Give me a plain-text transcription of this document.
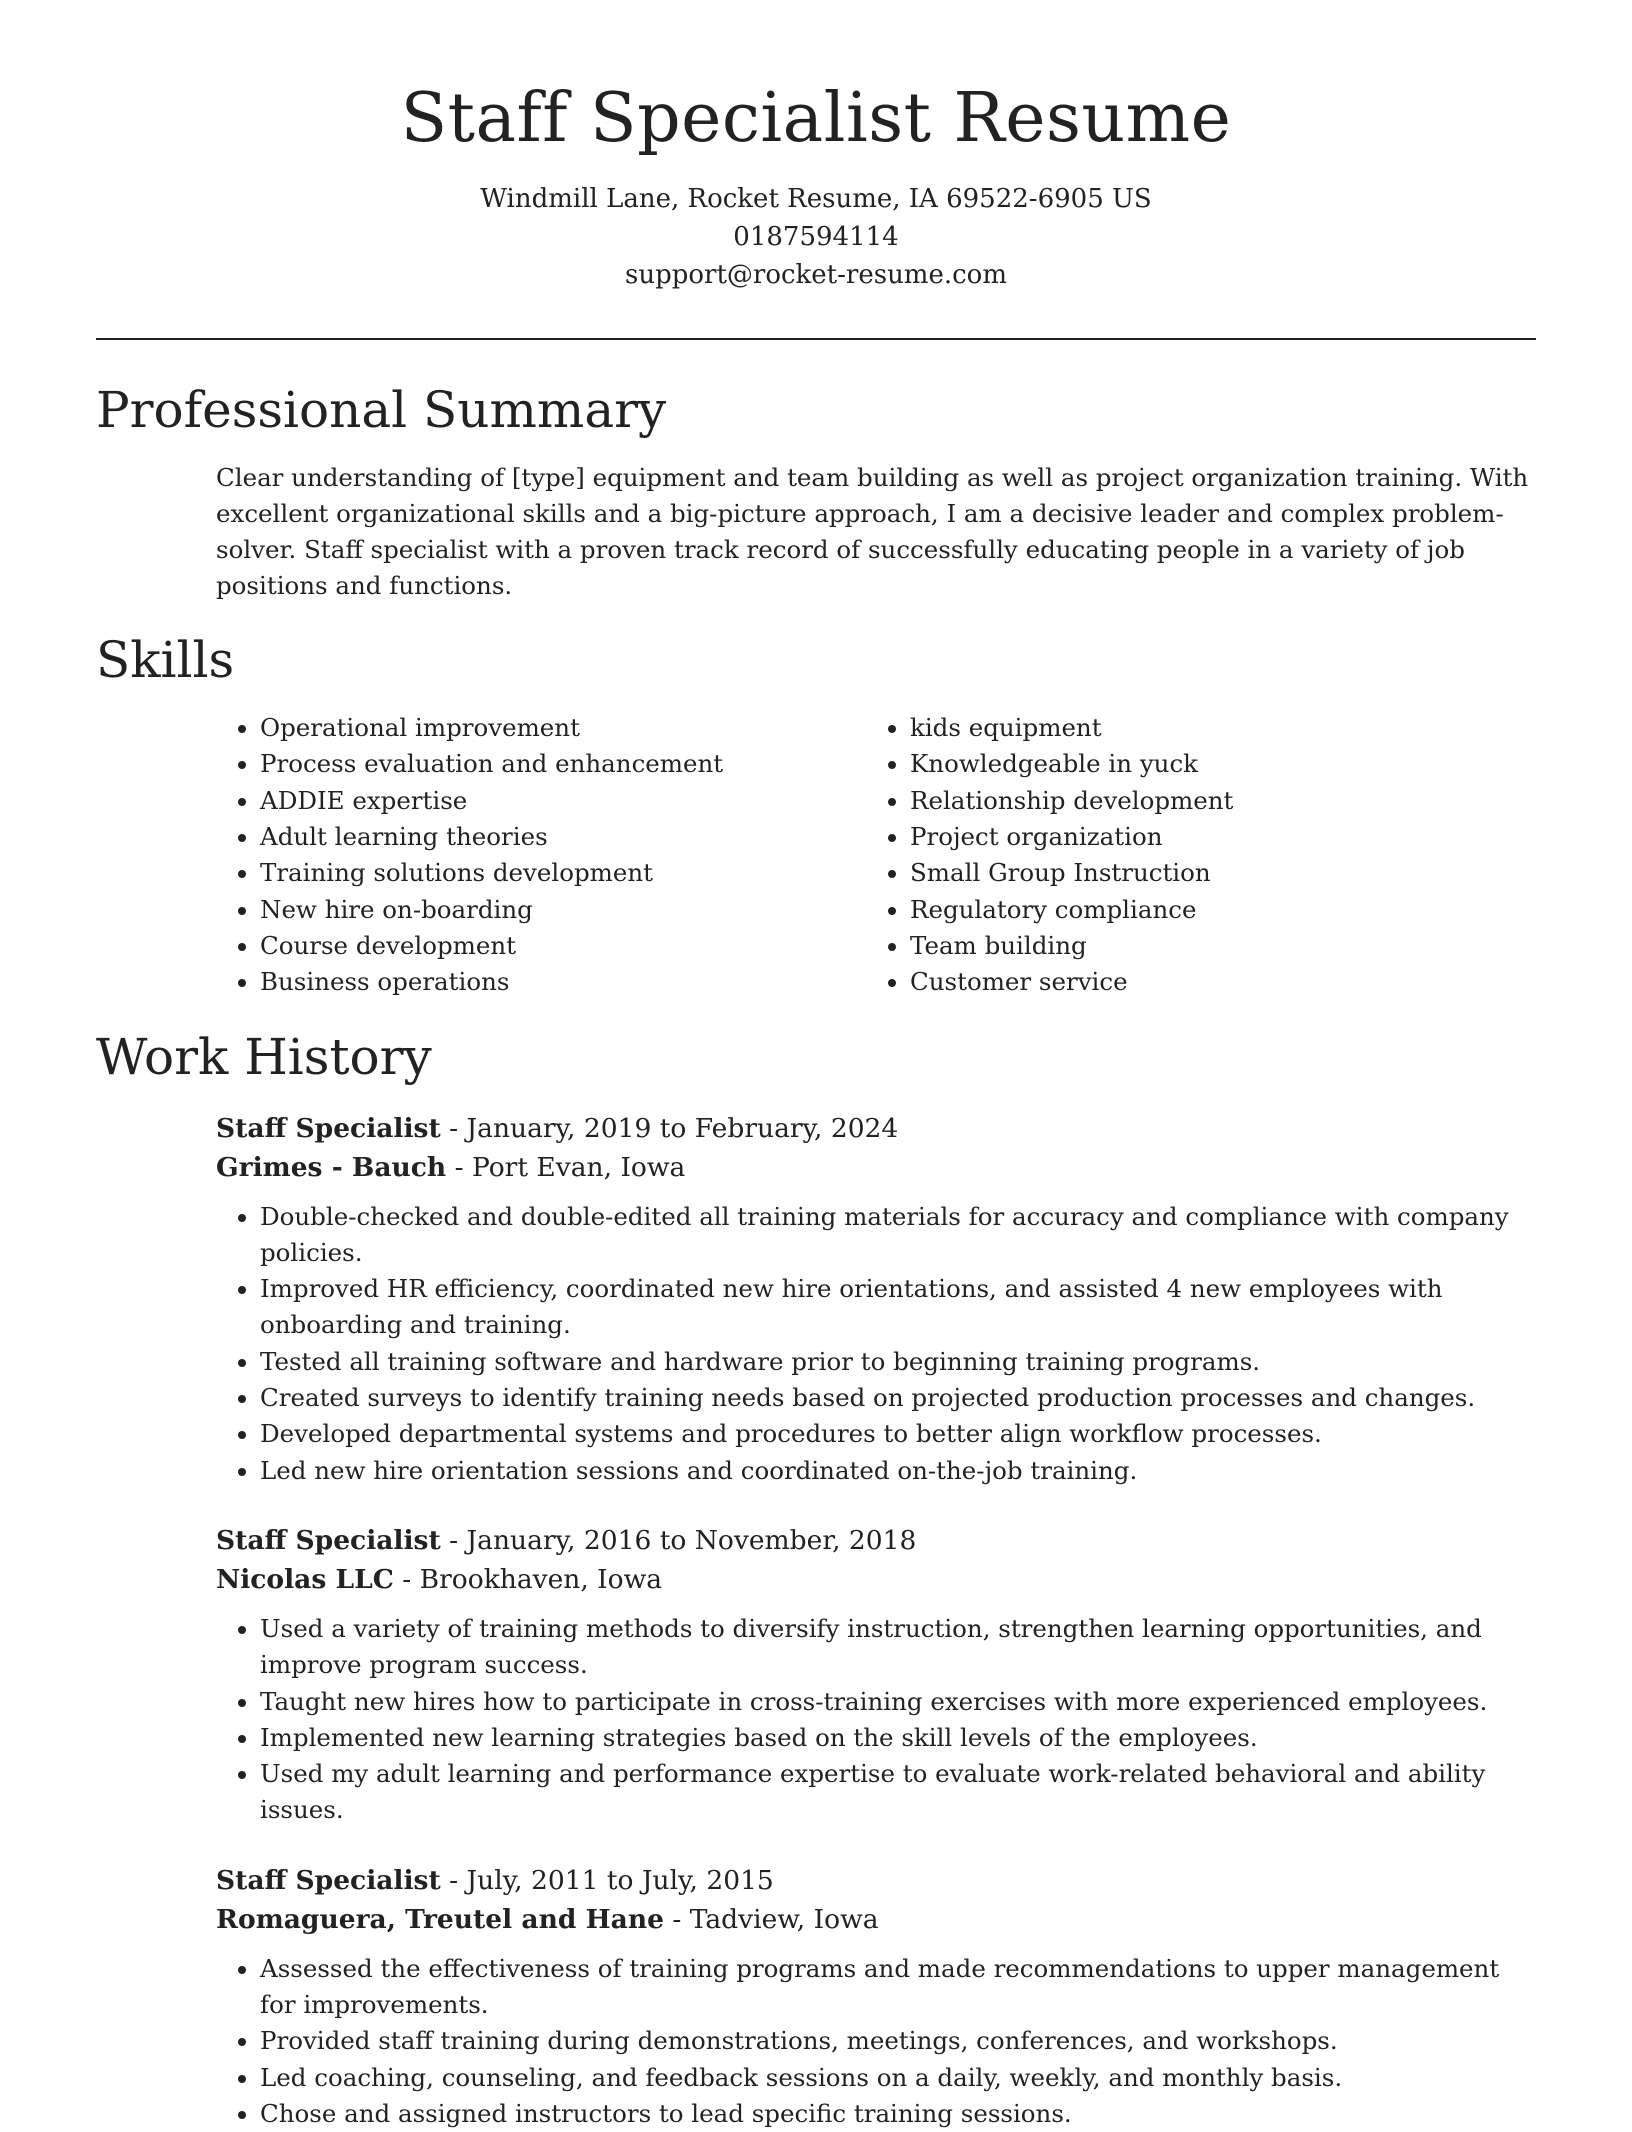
Staff Specialist Resume
Windmill Lane, Rocket Resume, IA 69522-6905 US
0187594114
support@rocket-resume.com
Professional Summary

Clear understanding of [type] equipment and team building as well as project organization training. With excellent organizational skills and a big-picture approach, I am a decisive leader and complex problem-solver. Staff specialist with a proven track record of successfully educating people in a variety of job positions and functions.

Skills
• Operational improvement
• Process evaluation and enhancement
• ADDIE expertise
• Adult learning theories
• Training solutions development
• New hire on-boarding
• Course development
• Business operations
• kids equipment
• Knowledgeable in yuck
• Relationship development
• Project organization
• Small Group Instruction
• Regulatory compliance
• Team building
• Customer service
Work History
Staff Specialist - January, 2019 to February, 2024
Grimes - Bauch - Port Evan, Iowa
• Double-checked and double-edited all training materials for accuracy and compliance with company policies.
• Improved HR efficiency, coordinated new hire orientations, and assisted 4 new employees with onboarding and training.
• Tested all training software and hardware prior to beginning training programs.
• Created surveys to identify training needs based on projected production processes and changes.
• Developed departmental systems and procedures to better align workflow processes.
• Led new hire orientation sessions and coordinated on-the-job training.
Staff Specialist - January, 2016 to November, 2018
Nicolas LLC - Brookhaven, Iowa
• Used a variety of training methods to diversify instruction, strengthen learning opportunities, and improve program success.
• Taught new hires how to participate in cross-training exercises with more experienced employees.
• Implemented new learning strategies based on the skill levels of the employees.
• Used my adult learning and performance expertise to evaluate work-related behavioral and ability issues.
Staff Specialist - July, 2011 to July, 2015
Romaguera, Treutel and Hane - Tadview, Iowa
• Assessed the effectiveness of training programs and made recommendations to upper management for improvements.
• Provided staff training during demonstrations, meetings, conferences, and workshops.
• Led coaching, counseling, and feedback sessions on a daily, weekly, and monthly basis.
• Chose and assigned instructors to lead specific training sessions.
